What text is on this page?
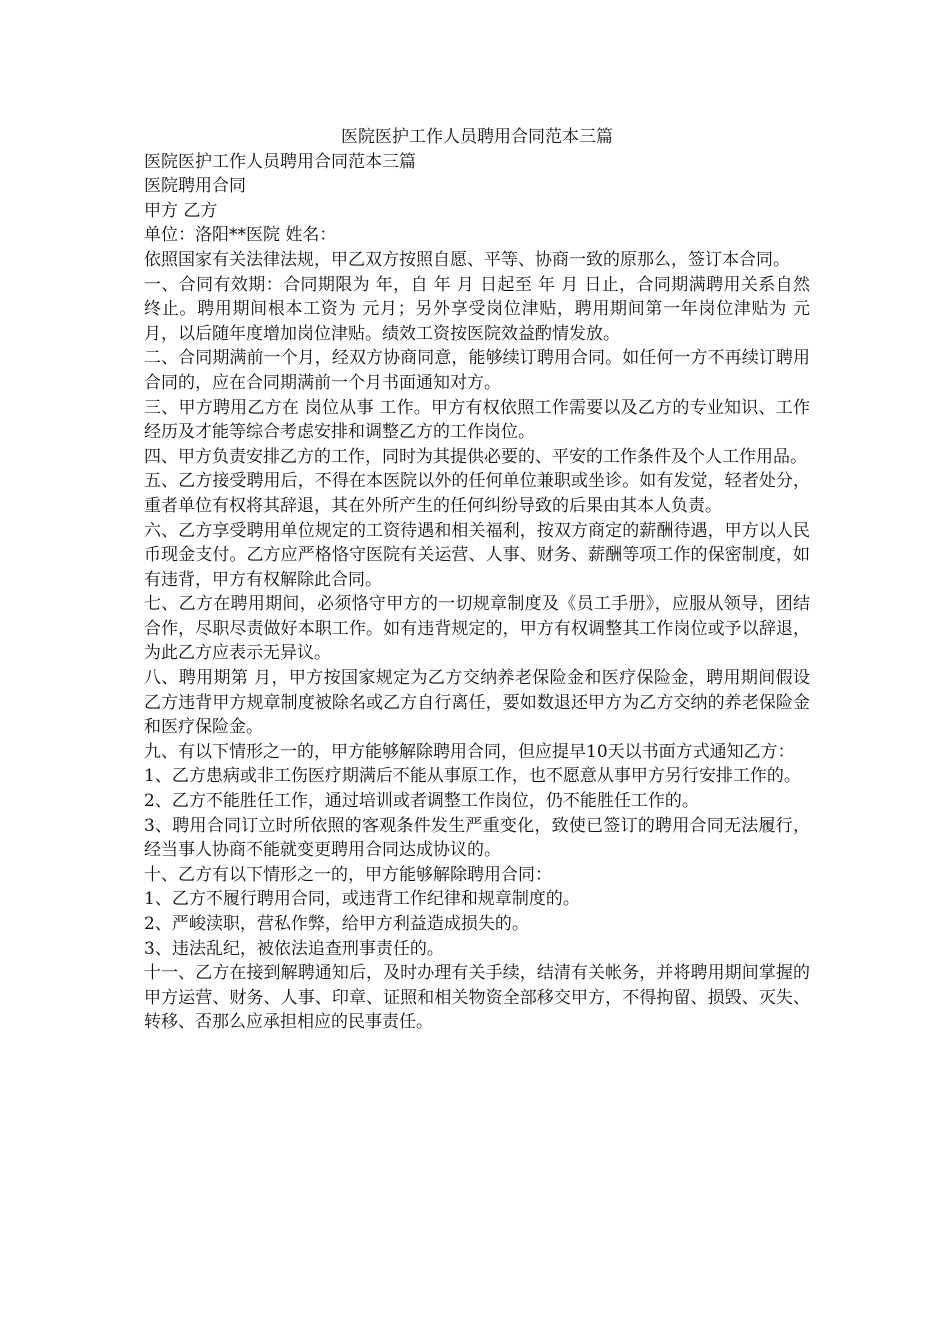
医院医护工作人员聘用合同范本三篇

医院医护工作人员聘用合同范本三篇

医院聘用合同

甲方 乙方

单位：洛阳**医院 姓名：

依照国家有关法律法规，甲乙双方按照自愿、平等、协商一致的原那么，签订本合同。

一、合同有效期：合同期限为 年，自 年 月 日起至 年 月 日止，合同期满聘用关系自然终止。聘用期间根本工资为 元月；另外享受岗位津贴，聘用期间第一年岗位津贴为 元月，以后随年度增加岗位津贴。绩效工资按医院效益酌情发放。

二、合同期满前一个月，经双方协商同意，能够续订聘用合同。如任何一方不再续订聘用合同的，应在合同期满前一个月书面通知对方。

三、甲方聘用乙方在 岗位从事 工作。甲方有权依照工作需要以及乙方的专业知识、工作经历及才能等综合考虑安排和调整乙方的工作岗位。

四、甲方负责安排乙方的工作，同时为其提供必要的、平安的工作条件及个人工作用品。

五、乙方接受聘用后，不得在本医院以外的任何单位兼职或坐诊。如有发觉，轻者处分，重者单位有权将其辞退，其在外所产生的任何纠纷导致的后果由其本人负责。

六、乙方享受聘用单位规定的工资待遇和相关福利，按双方商定的薪酬待遇，甲方以人民币现金支付。乙方应严格恪守医院有关运营、人事、财务、薪酬等项工作的保密制度，如有违背，甲方有权解除此合同。

七、乙方在聘用期间，必须恪守甲方的一切规章制度及《员工手册》，应服从领导，团结合作，尽职尽责做好本职工作。如有违背规定的，甲方有权调整其工作岗位或予以辞退，为此乙方应表示无异议。

八、聘用期第 月，甲方按国家规定为乙方交纳养老保险金和医疗保险金，聘用期间假设乙方违背甲方规章制度被除名或乙方自行离任，要如数退还甲方为乙方交纳的养老保险金和医疗保险金。

九、有以下情形之一的，甲方能够解除聘用合同，但应提早10天以书面方式通知乙方：

1、乙方患病或非工伤医疗期满后不能从事原工作，也不愿意从事甲方另行安排工作的。

2、乙方不能胜任工作，通过培训或者调整工作岗位，仍不能胜任工作的。

3、聘用合同订立时所依照的客观条件发生严重变化，致使已签订的聘用合同无法履行，经当事人协商不能就变更聘用合同达成协议的。

十、乙方有以下情形之一的，甲方能够解除聘用合同：

1、乙方不履行聘用合同，或违背工作纪律和规章制度的。

2、严峻渎职，营私作弊，给甲方利益造成损失的。

3、违法乱纪，被依法追查刑事责任的。

十一、乙方在接到解聘通知后，及时办理有关手续，结清有关帐务，并将聘用期间掌握的甲方运营、财务、人事、印章、证照和相关物资全部移交甲方，不得拘留、损毁、灭失、转移、否那么应承担相应的民事责任。
